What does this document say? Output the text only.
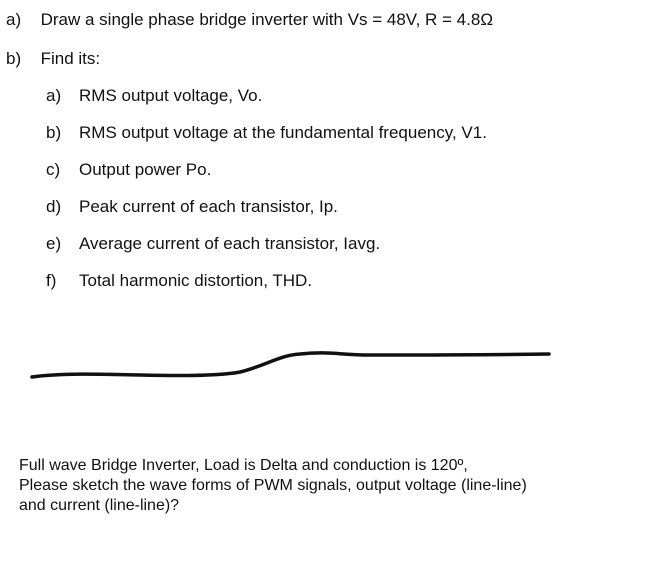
a) Draw a single phase bridge inverter with Vs = 48V, R = 4.8Ω
b) Find its:
a) RMS output voltage, Vo.
b) RMS output voltage at the fundamental frequency, V1.
c) Output power Po.
d) Peak current of each transistor, Ip.
e) Average current of each transistor, Iavg.
f) Total harmonic distortion, THD.
Full wave Bridge Inverter, Load is Delta and conduction is 120º,
Please sketch the wave forms of PWM signals, output voltage (line-line)
and current (line-line)?
